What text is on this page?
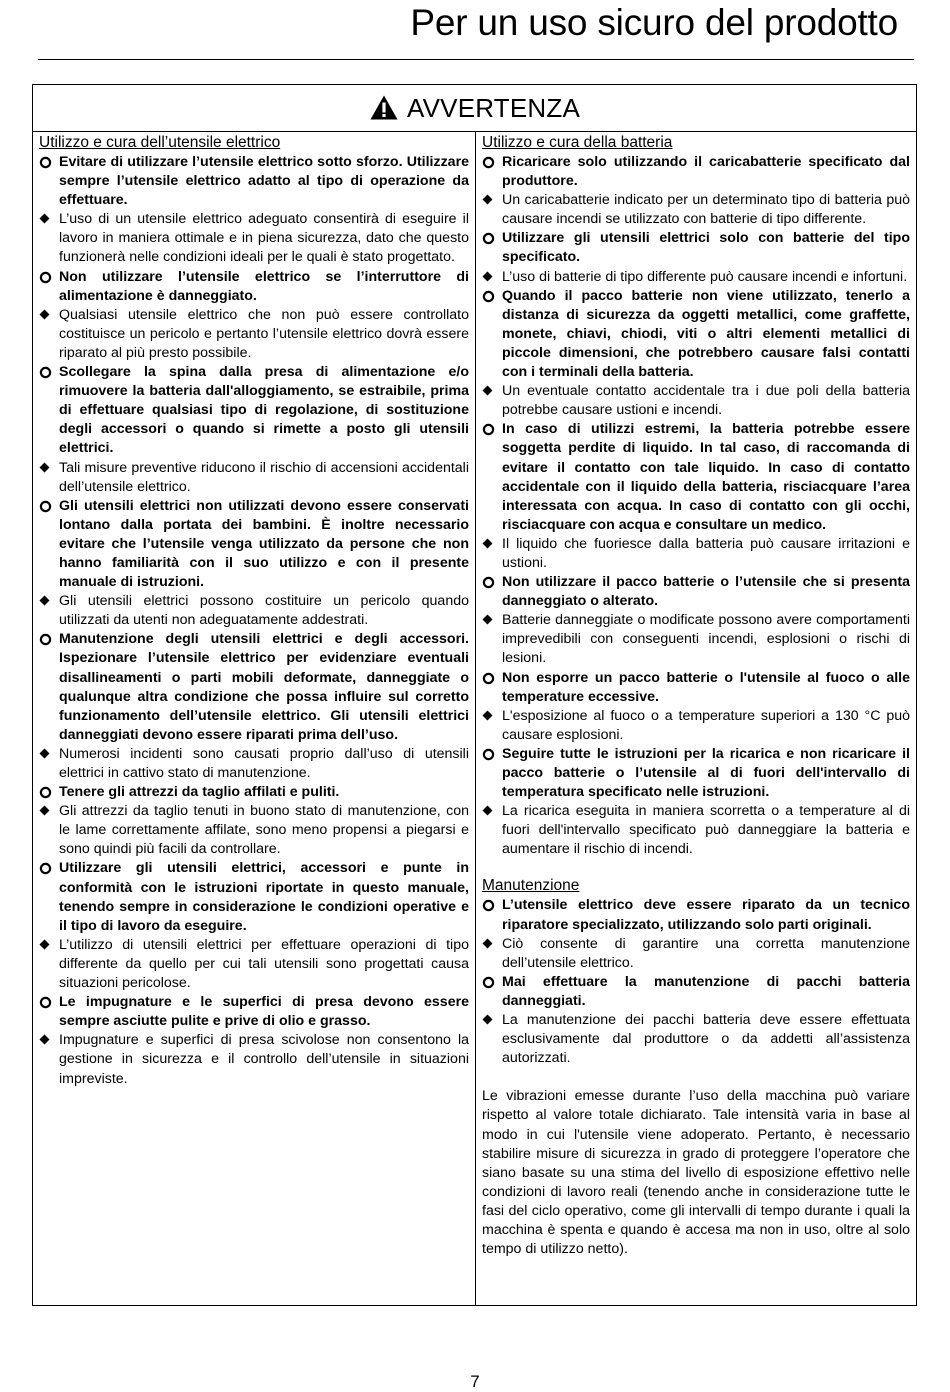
Per un uso sicuro del prodotto
AVVERTENZA
Utilizzo e cura dell’utensile elettrico
Evitare di utilizzare l’utensile elettrico sotto sforzo. Utilizzare sempre l’utensile elettrico adatto al tipo di operazione da effettuare.
L’uso di un utensile elettrico adeguato consentirà di eseguire il lavoro in maniera ottimale e in piena sicurezza, dato che questo funzionerà nelle condizioni ideali per le quali è stato progettato.
Non utilizzare l’utensile elettrico se l’interruttore di alimentazione è danneggiato.
Qualsiasi utensile elettrico che non può essere controllato costituisce un pericolo e pertanto l’utensile elettrico dovrà essere riparato al più presto possibile.
Scollegare la spina dalla presa di alimentazione e/o rimuovere la batteria dall'alloggiamento, se estraibile, prima di effettuare qualsiasi tipo di regolazione, di sostituzione degli accessori o quando si rimette a posto gli utensili elettrici.
Tali misure preventive riducono il rischio di accensioni accidentali dell’utensile elettrico.
Gli utensili elettrici non utilizzati devono essere conservati lontano dalla portata dei bambini. È inoltre necessario evitare che l’utensile venga utilizzato da persone che non hanno familiarità con il suo utilizzo e con il presente manuale di istruzioni.
Gli utensili elettrici possono costituire un pericolo quando utilizzati da utenti non adeguatamente addestrati.
Manutenzione degli utensili elettrici e degli accessori. Ispezionare l’utensile elettrico per evidenziare eventuali disallineamenti o parti mobili deformate, danneggiate o qualunque altra condizione che possa influire sul corretto funzionamento dell’utensile elettrico. Gli utensili elettrici danneggiati devono essere riparati prima dell’uso.
Numerosi incidenti sono causati proprio dall’uso di utensili elettrici in cattivo stato di manutenzione.
Tenere gli attrezzi da taglio affilati e puliti.
Gli attrezzi da taglio tenuti in buono stato di manutenzione, con le lame correttamente affilate, sono meno propensi a piegarsi e sono quindi più facili da controllare.
Utilizzare gli utensili elettrici, accessori e punte in conformità con le istruzioni riportate in questo manuale, tenendo sempre in considerazione le condizioni operative e il tipo di lavoro da eseguire.
L’utilizzo di utensili elettrici per effettuare operazioni di tipo differente da quello per cui tali utensili sono progettati causa situazioni pericolose.
Le impugnature e le superfici di presa devono essere sempre asciutte pulite e prive di olio e grasso.
Impugnature e superfici di presa scivolose non consentono la gestione in sicurezza e il controllo dell’utensile in situazioni impreviste.
Utilizzo e cura della batteria
Ricaricare solo utilizzando il caricabatterie specificato dal produttore.
Un caricabatterie indicato per un determinato tipo di batteria può causare incendi se utilizzato con batterie di tipo differente.
Utilizzare gli utensili elettrici solo con batterie del tipo specificato.
L’uso di batterie di tipo differente può causare incendi e infortuni.
Quando il pacco batterie non viene utilizzato, tenerlo a distanza di sicurezza da oggetti metallici, come graffette, monete, chiavi, chiodi, viti o altri elementi metallici di piccole dimensioni, che potrebbero causare falsi contatti con i terminali della batteria.
Un eventuale contatto accidentale tra i due poli della batteria potrebbe causare ustioni e incendi.
In caso di utilizzi estremi, la batteria potrebbe essere soggetta perdite di liquido. In tal caso, di raccomanda di evitare il contatto con tale liquido. In caso di contatto accidentale con il liquido della batteria, risciacquare l’area interessata con acqua. In caso di contatto con gli occhi, risciacquare con acqua e consultare un medico.
Il liquido che fuoriesce dalla batteria può causare irritazioni e ustioni.
Non utilizzare il pacco batterie o l’utensile che si presenta danneggiato o alterato.
Batterie danneggiate o modificate possono avere comportamenti imprevedibili con conseguenti incendi, esplosioni o rischi di lesioni.
Non esporre un pacco batterie o l'utensile al fuoco o alle temperature eccessive.
L'esposizione al fuoco o a temperature superiori a 130 °C può causare esplosioni.
Seguire tutte le istruzioni per la ricarica e non ricaricare il pacco batterie o l’utensile al di fuori dell'intervallo di temperatura specificato nelle istruzioni.
La ricarica eseguita in maniera scorretta o a temperature al di fuori dell'intervallo specificato può danneggiare la batteria e aumentare il rischio di incendi.
Manutenzione
L’utensile elettrico deve essere riparato da un tecnico riparatore specializzato, utilizzando solo parti originali.
Ciò consente di garantire una corretta manutenzione dell’utensile elettrico.
Mai effettuare la manutenzione di pacchi batteria danneggiati.
La manutenzione dei pacchi batteria deve essere effettuata esclusivamente dal produttore o da addetti all’assistenza autorizzati.
Le vibrazioni emesse durante l’uso della macchina può variare rispetto al valore totale dichiarato. Tale intensità varia in base al modo in cui l'utensile viene adoperato. Pertanto, è necessario stabilire misure di sicurezza in grado di proteggere l’operatore che siano basate su una stima del livello di esposizione effettivo nelle condizioni di lavoro reali (tenendo anche in considerazione tutte le fasi del ciclo operativo, come gli intervalli di tempo durante i quali la macchina è spenta e quando è accesa ma non in uso, oltre al solo tempo di utilizzo netto).
7
